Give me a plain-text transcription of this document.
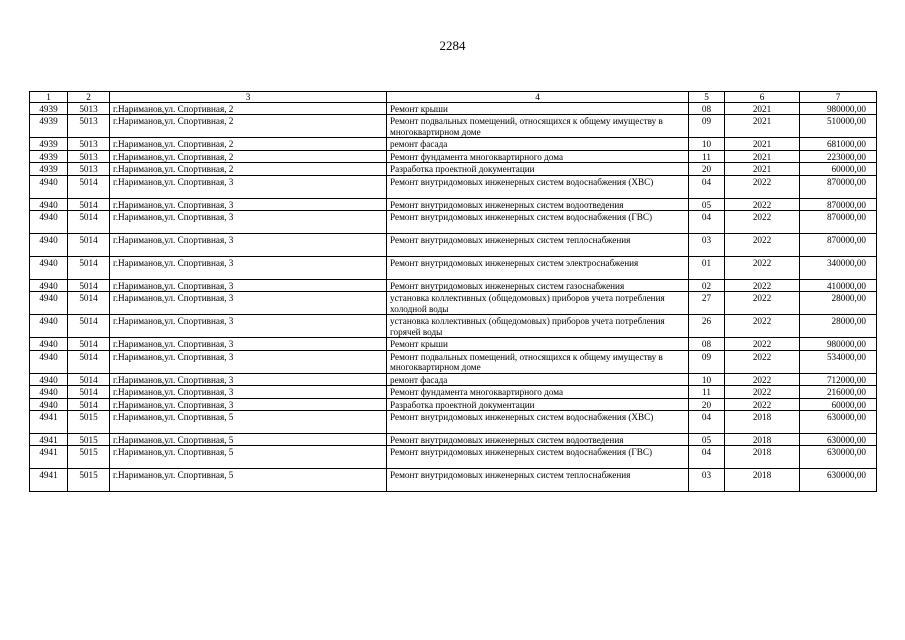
2284
1	2	3	4	5	6	7
4939	5013	г.Нариманов,ул. Спортивная, 2	Ремонт крыши	08	2021	980000,00
4939	5013	г.Нариманов,ул. Спортивная, 2	Ремонт подвальных помещений, относящихся к общему имуществу в многоквартирном доме	09	2021	510000,00
4939	5013	г.Нариманов,ул. Спортивная, 2	ремонт фасада	10	2021	681000,00
4939	5013	г.Нариманов,ул. Спортивная, 2	Ремонт фундамента многоквартирного дома	11	2021	223000,00
4939	5013	г.Нариманов,ул. Спортивная, 2	Разработка проектной документации	20	2021	60000,00
4940	5014	г.Нариманов,ул. Спортивная, 3	Ремонт внутридомовых инженерных систем водоснабжения (ХВС)	04	2022	870000,00
4940	5014	г.Нариманов,ул. Спортивная, 3	Ремонт внутридомовых инженерных систем водоотведения	05	2022	870000,00
4940	5014	г.Нариманов,ул. Спортивная, 3	Ремонт внутридомовых инженерных систем водоснабжения (ГВС)	04	2022	870000,00
4940	5014	г.Нариманов,ул. Спортивная, 3	Ремонт внутридомовых инженерных систем теплоснабжения	03	2022	870000,00
4940	5014	г.Нариманов,ул. Спортивная, 3	Ремонт внутридомовых инженерных систем электроснабжения	01	2022	340000,00
4940	5014	г.Нариманов,ул. Спортивная, 3	Ремонт внутридомовых инженерных систем газоснабжения	02	2022	410000,00
4940	5014	г.Нариманов,ул. Спортивная, 3	установка коллективных (общедомовых) приборов учета потребления холодной воды	27	2022	28000,00
4940	5014	г.Нариманов,ул. Спортивная, 3	установка коллективных (общедомовых) приборов учета потребления горячей воды	26	2022	28000,00
4940	5014	г.Нариманов,ул. Спортивная, 3	Ремонт крыши	08	2022	980000,00
4940	5014	г.Нариманов,ул. Спортивная, 3	Ремонт подвальных помещений, относящихся к общему имуществу в многоквартирном доме	09	2022	534000,00
4940	5014	г.Нариманов,ул. Спортивная, 3	ремонт фасада	10	2022	712000,00
4940	5014	г.Нариманов,ул. Спортивная, 3	Ремонт фундамента многоквартирного дома	11	2022	216000,00
4940	5014	г.Нариманов,ул. Спортивная, 3	Разработка проектной документации	20	2022	60000,00
4941	5015	г.Нариманов,ул. Спортивная, 5	Ремонт внутридомовых инженерных систем водоснабжения (ХВС)	04	2018	630000,00
4941	5015	г.Нариманов,ул. Спортивная, 5	Ремонт внутридомовых инженерных систем водоотведения	05	2018	630000,00
4941	5015	г.Нариманов,ул. Спортивная, 5	Ремонт внутридомовых инженерных систем водоснабжения (ГВС)	04	2018	630000,00
4941	5015	г.Нариманов,ул. Спортивная, 5	Ремонт внутридомовых инженерных систем теплоснабжения	03	2018	630000,00
